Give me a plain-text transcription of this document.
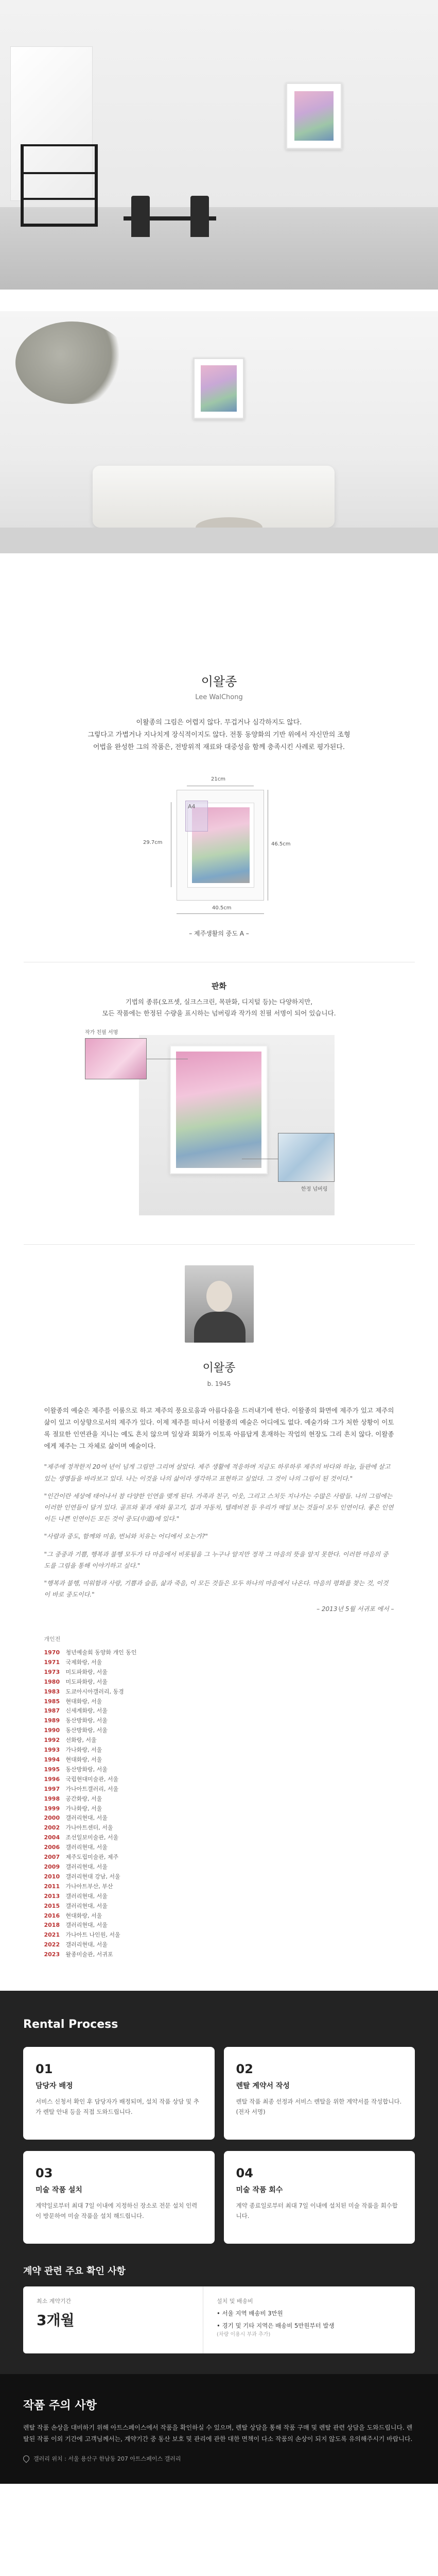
이왈종
Lee WalChong
이왈종의 그림은 어렵지 않다. 무겁거나 심각하지도 않다.
그렇다고 가볍거나 지나치게 장식적이지도 않다. 전통 동양화의 기반 위에서 자신만의 조형
어법을 완성한 그의 작품은, 전방위적 재료와 대중성을 함께 충족시킨 사례로 평가된다.
21cm
29.7cm
A4
46.5cm
40.5cm
– 제주생활의 중도 A –
판화
기법의 종류(오프셋, 실크스크린, 목판화, 디지털 등)는 다양하지만,
모든 작품에는 한정된 수량을 표시하는 넘버링과 작가의 친필 서명이 되어 있습니다.
작가 친필 서명
한정 넘버링
이왈종
b. 1945
이왈종의 예술은 제주를 이룸으로 하고 제주의 풍요로움과 아름다움을 드러내기에 한다. 이왈종의 화면에 제주가 있고 제주의 삶이 있고 이상향으로서의 제주가 있다. 이제 제주를 떠나서 이왈종의 예술은 어디에도 없다. 예술가와 그가 처한 상황이 이토록 절묘한 인연관을 지니는 예도 흔치 않으며 일상과 회화가 이토록 아름답게 혼재하는 작업의 현장도 그리 흔치 않다. 이왈종에게 제주는 그 자체로 삶이며 예술이다.

"제주에 정착한지 20여 년이 넘게 그림만 그리며 살았다. 제주 생활에 적응하며 지금도 하루하루 제주의 바다와 하늘, 들판에 살고 있는 생명들을 바라보고 있다. 나는 이것을 나의 삶이라 생각하고 표현하고 싶었다. 그 것이 나의 그림이 된 것이다."

"인간이란 세상에 태어나서 참 다양한 인연을 맺게 된다. 가족과 친구, 이웃, 그리고 스치듯 지나가는 수많은 사람들. 나의 그림에는 이러한 인연들이 담겨 있다. 골프와 꽃과 새와 물고기, 집과 자동차, 텔레비전 등 우리가 매일 보는 것들이 모두 인연이다. 좋은 인연이든 나쁜 인연이든 모든 것이 중도(中道)에 있다."

"사람과 중도, 함께와 미움, 번뇌와 치유는 어디에서 오는가?"

"그 중중과 기쁨, 행복과 불행 모두가 다 마음에서 비롯됨을 그 누구나 알지만 정작 그 마음의 뜻을 알지 못한다. 이러한 마음의 중도를 그림을 통해 이야기하고 싶다."

"행복과 불행, 미워함과 사랑, 기쁨과 슬픔, 삶과 죽음, 이 모든 것들은 모두 하나의 마음에서 나온다. 마음의 평화를 찾는 것, 이것이 바로 중도이다."

– 2013년 5월 서귀포 에서 –
개인전
1970	청년예술회 동양화 개인 동인
1971	국제화랑, 서울
1973	미도파화랑, 서울
1980	미도파화랑, 서울
1983	도쿄아시아갤러리, 동경
1985	현대화랑, 서울
1987	신세계화랑, 서울
1989	동산방화랑, 서울
1990	동산방화랑, 서울
1992	선화랑, 서울
1993	가나화랑, 서울
1994	현대화랑, 서울
1995	동산방화랑, 서울
1996	국립현대미술관, 서울
1997	가나아트갤러리, 서울
1998	공간화랑, 서울
1999	가나화랑, 서울
2000	갤러리현대, 서울
2002	가나아트센터, 서울
2004	조선일보미술관, 서울
2006	갤러리현대, 서울
2007	제주도립미술관, 제주
2009	갤러리현대, 서울
2010	갤러리현대 강남, 서울
2011	가나아트부산, 부산
2013	갤러리현대, 서울
2015	갤러리현대, 서울
2016	현대화랑, 서울
2018	갤러리현대, 서울
2021	가나아트 나인원, 서울
2022	갤러리현대, 서울
2023	왈종미술관, 서귀포
Rental Process
01
담당자 배정
서비스 신청서 확인 후 담당자가 배정되며, 설치 작품 상담 및 추가 렌탈 안내 등을 직접 도와드립니다.
02
렌탈 계약서 작성
렌탈 작품 최종 선정과 서비스 렌탈을 위한 계약서를 작성합니다.(전자 서명)
03
미술 작품 설치
계약일로부터 최대 7일 이내에 지정하신 장소로 전문 설치 인력이 방문하여 미술 작품을 설치 해드립니다.
04
미술 작품 회수
계약 종료일로부터 최대 7일 이내에 설치된 미술 작품을 회수합니다.
계약 관련 주요 확인 사항
최소 계약기간
3개월
설치 및 배송비
• 서울 지역 배송비 3만원
• 경기 및 기타 지역은 배송비 5만원부터 발생
(차량 이용시 부과 추가)
작품 주의 사항
렌탈 작품 손상을 대비하기 위해 아트스페이스에서 작품을 확인하실 수 있으며, 렌탈 상담을 통해 작품 구매 및 렌탈 관련 상담을 도와드립니다. 렌탈된 작품 이외 기간에 고객님께서는, 계약기간 중 동산 보호 및 관리에 관한 대한 면책이 다소 작품의 손상이 되지 않도록 유의해주시기 바랍니다.
갤러리 위치 : 서울 용산구 한남동 207 아트스페이스 갤러리
